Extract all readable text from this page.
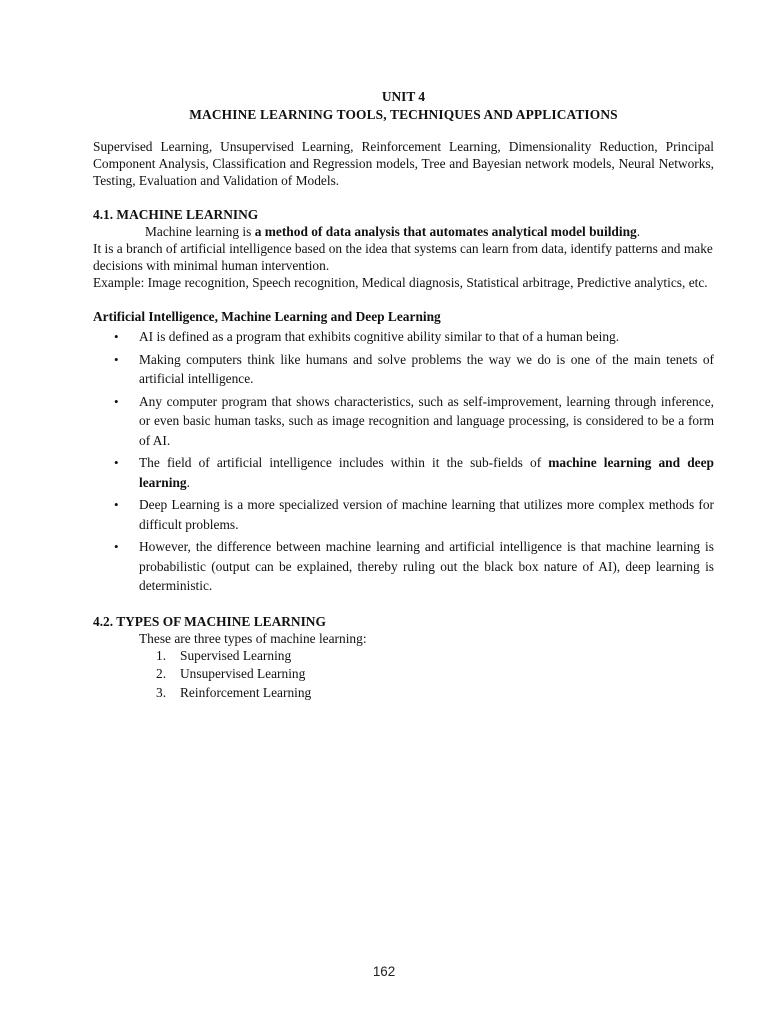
UNIT 4
MACHINE LEARNING TOOLS, TECHNIQUES AND APPLICATIONS
Supervised Learning, Unsupervised Learning, Reinforcement Learning, Dimensionality Reduction, Principal Component Analysis, Classification and Regression models, Tree and Bayesian network models, Neural Networks, Testing, Evaluation and Validation of Models.
4.1. MACHINE LEARNING
Machine learning is a method of data analysis that automates analytical model building.
It is a branch of artificial intelligence based on the idea that systems can learn from data, identify patterns and make decisions with minimal human intervention.
Example: Image recognition, Speech recognition, Medical diagnosis, Statistical arbitrage, Predictive analytics, etc.
Artificial Intelligence, Machine Learning and Deep Learning
• AI is defined as a program that exhibits cognitive ability similar to that of a human being.
• Making computers think like humans and solve problems the way we do is one of the main tenets of artificial intelligence.
• Any computer program that shows characteristics, such as self-improvement, learning through inference, or even basic human tasks, such as image recognition and language processing, is considered to be a form of AI.
• The field of artificial intelligence includes within it the sub-fields of machine learning and deep learning.
• Deep Learning is a more specialized version of machine learning that utilizes more complex methods for difficult problems.
• However, the difference between machine learning and artificial intelligence is that machine learning is probabilistic (output can be explained, thereby ruling out the black box nature of AI), deep learning is deterministic.
4.2. TYPES OF MACHINE LEARNING
These are three types of machine learning:
1. Supervised Learning
2. Unsupervised Learning
3. Reinforcement Learning
162
